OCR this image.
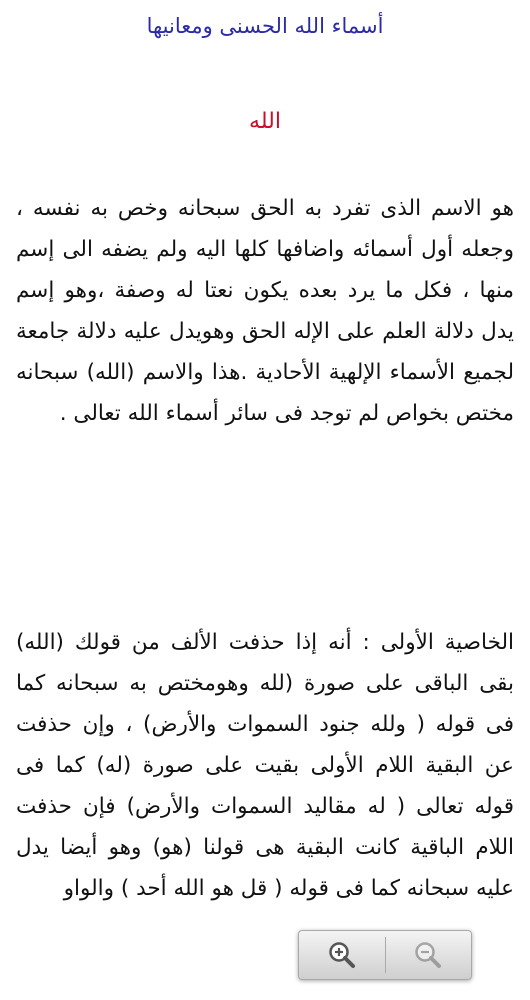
أسماء الله الحسنى ومعانيها
الله

هو الاسم الذى تفرد به الحق سبحانه وخص به نفسه ، وجعله أول أسمائه واضافها كلها اليه ولم يضفه الى إسم منها ، فكل ما يرد بعده يكون نعتا له وصفة ،وهو إسم يدل دلالة العلم على الإله الحق وهويدل عليه دلالة جامعة لجميع الأسماء الإلهية الأحادية .هذا والاسم (الله) سبحانه مختص بخواص لم توجد فى سائر أسماء الله تعالى .

الخاصية الأولى : أنه إذا حذفت الألف من قولك (الله) بقى الباقى على صورة (لله وهومختص به سبحانه كما فى قوله ( ولله جنود السموات والأرض) ، وإن حذفت عن البقية اللام الأولى بقيت على صورة (له) كما فى قوله تعالى ( له مقاليد السموات والأرض) فإن حذفت اللام الباقية كانت البقية هى قولنا (هو) وهو أيضا يدل عليه سبحانه كما فى قوله ( قل هو الله أحد ) والواو
